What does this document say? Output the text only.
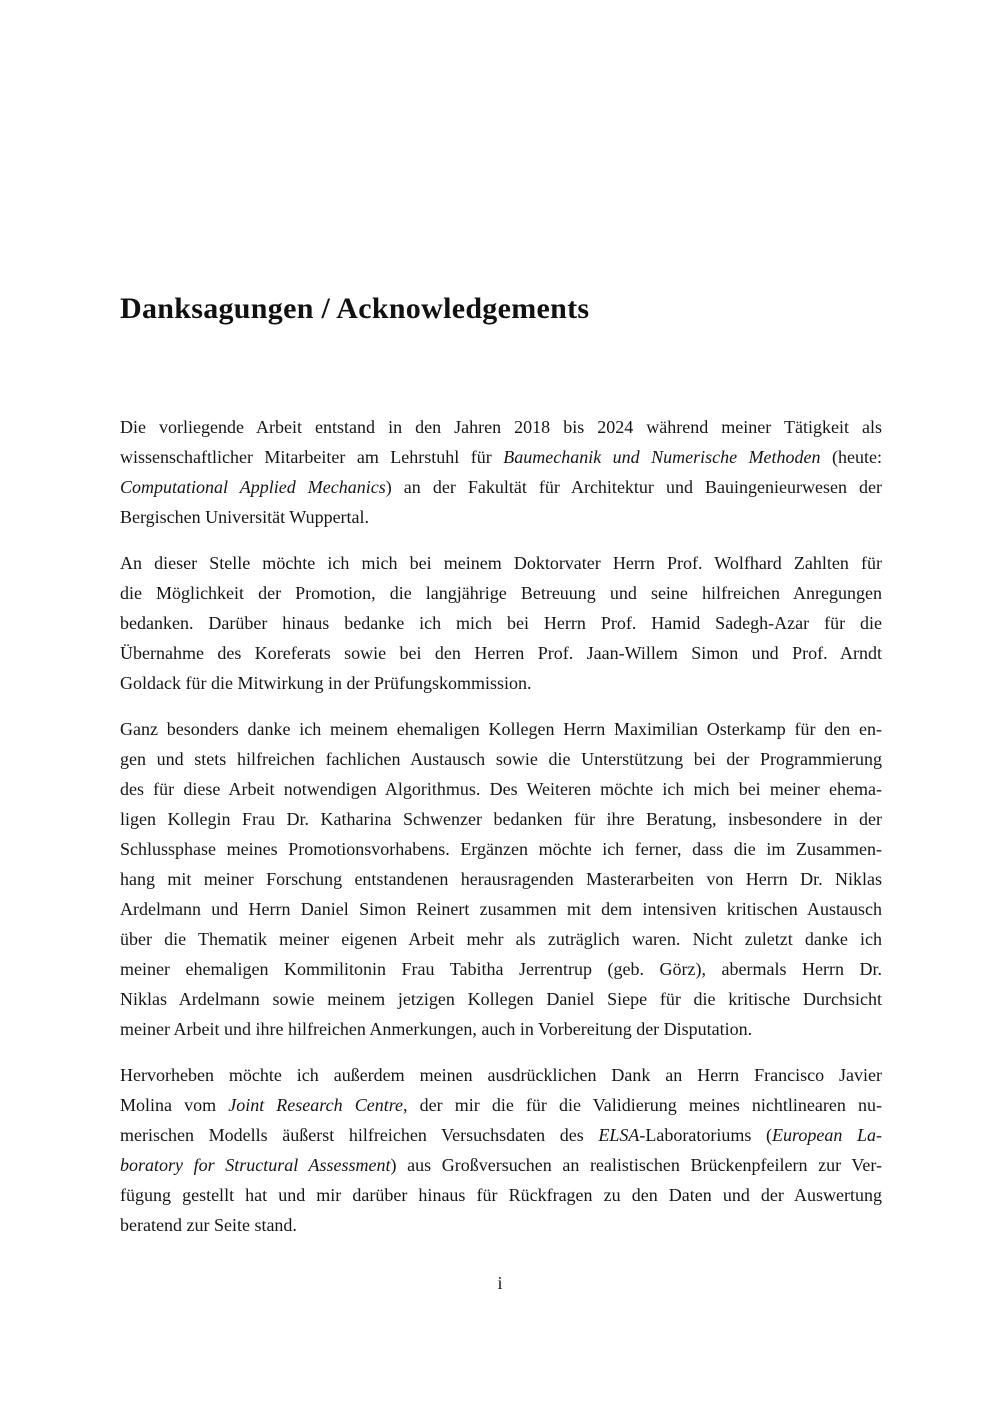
Danksagungen / Acknowledgements

Die vorliegende Arbeit entstand in den Jahren 2018 bis 2024 während meiner Tätigkeit als
wissenschaftlicher Mitarbeiter am Lehrstuhl für Baumechanik und Numerische Methoden (heute:
Computational Applied Mechanics) an der Fakultät für Architektur und Bauingenieurwesen der
Bergischen Universität Wuppertal.

An dieser Stelle möchte ich mich bei meinem Doktorvater Herrn Prof. Wolfhard Zahlten für
die Möglichkeit der Promotion, die langjährige Betreuung und seine hilfreichen Anregungen
bedanken. Darüber hinaus bedanke ich mich bei Herrn Prof. Hamid Sadegh-Azar für die
Übernahme des Koreferats sowie bei den Herren Prof. Jaan-Willem Simon und Prof. Arndt
Goldack für die Mitwirkung in der Prüfungskommission.

Ganz besonders danke ich meinem ehemaligen Kollegen Herrn Maximilian Osterkamp für den en-
gen und stets hilfreichen fachlichen Austausch sowie die Unterstützung bei der Programmierung
des für diese Arbeit notwendigen Algorithmus. Des Weiteren möchte ich mich bei meiner ehema-
ligen Kollegin Frau Dr. Katharina Schwenzer bedanken für ihre Beratung, insbesondere in der
Schlussphase meines Promotionsvorhabens. Ergänzen möchte ich ferner, dass die im Zusammen-
hang mit meiner Forschung entstandenen herausragenden Masterarbeiten von Herrn Dr. Niklas
Ardelmann und Herrn Daniel Simon Reinert zusammen mit dem intensiven kritischen Austausch
über die Thematik meiner eigenen Arbeit mehr als zuträglich waren. Nicht zuletzt danke ich
meiner ehemaligen Kommilitonin Frau Tabitha Jerrentrup (geb. Görz), abermals Herrn Dr.
Niklas Ardelmann sowie meinem jetzigen Kollegen Daniel Siepe für die kritische Durchsicht
meiner Arbeit und ihre hilfreichen Anmerkungen, auch in Vorbereitung der Disputation.

Hervorheben möchte ich außerdem meinen ausdrücklichen Dank an Herrn Francisco Javier
Molina vom Joint Research Centre, der mir die für die Validierung meines nichtlinearen nu-
merischen Modells äußerst hilfreichen Versuchsdaten des ELSA-Laboratoriums (European La-
boratory for Structural Assessment) aus Großversuchen an realistischen Brückenpfeilern zur Ver-
fügung gestellt hat und mir darüber hinaus für Rückfragen zu den Daten und der Auswertung
beratend zur Seite stand.

i
